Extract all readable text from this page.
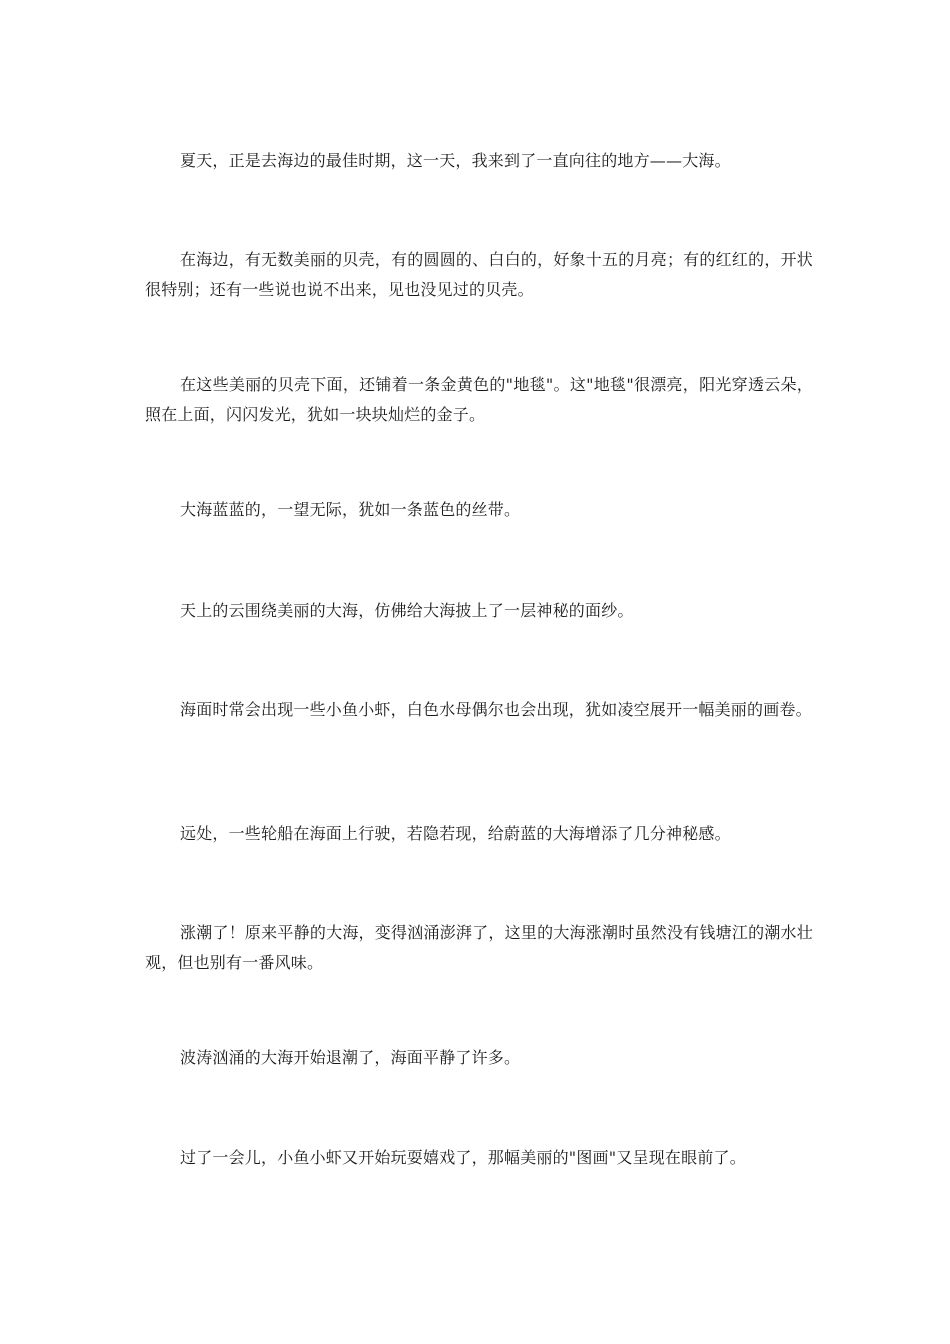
夏天，正是去海边的最佳时期，这一天，我来到了一直向往的地方——大海。

在海边，有无数美丽的贝壳，有的圆圆的、白白的，好象十五的月亮；有的红红的，开状很特别；还有一些说也说不出来，见也没见过的贝壳。

在这些美丽的贝壳下面，还铺着一条金黄色的"地毯"。这"地毯"很漂亮，阳光穿透云朵，照在上面，闪闪发光，犹如一块块灿烂的金子。

大海蓝蓝的，一望无际，犹如一条蓝色的丝带。

天上的云围绕美丽的大海，仿佛给大海披上了一层神秘的面纱。

海面时常会出现一些小鱼小虾，白色水母偶尔也会出现，犹如凌空展开一幅美丽的画卷。

远处，一些轮船在海面上行驶，若隐若现，给蔚蓝的大海增添了几分神秘感。

涨潮了！原来平静的大海，变得汹涌澎湃了，这里的大海涨潮时虽然没有钱塘江的潮水壮观，但也别有一番风味。

波涛汹涌的大海开始退潮了，海面平静了许多。

过了一会儿，小鱼小虾又开始玩耍嬉戏了，那幅美丽的"图画"又呈现在眼前了。
